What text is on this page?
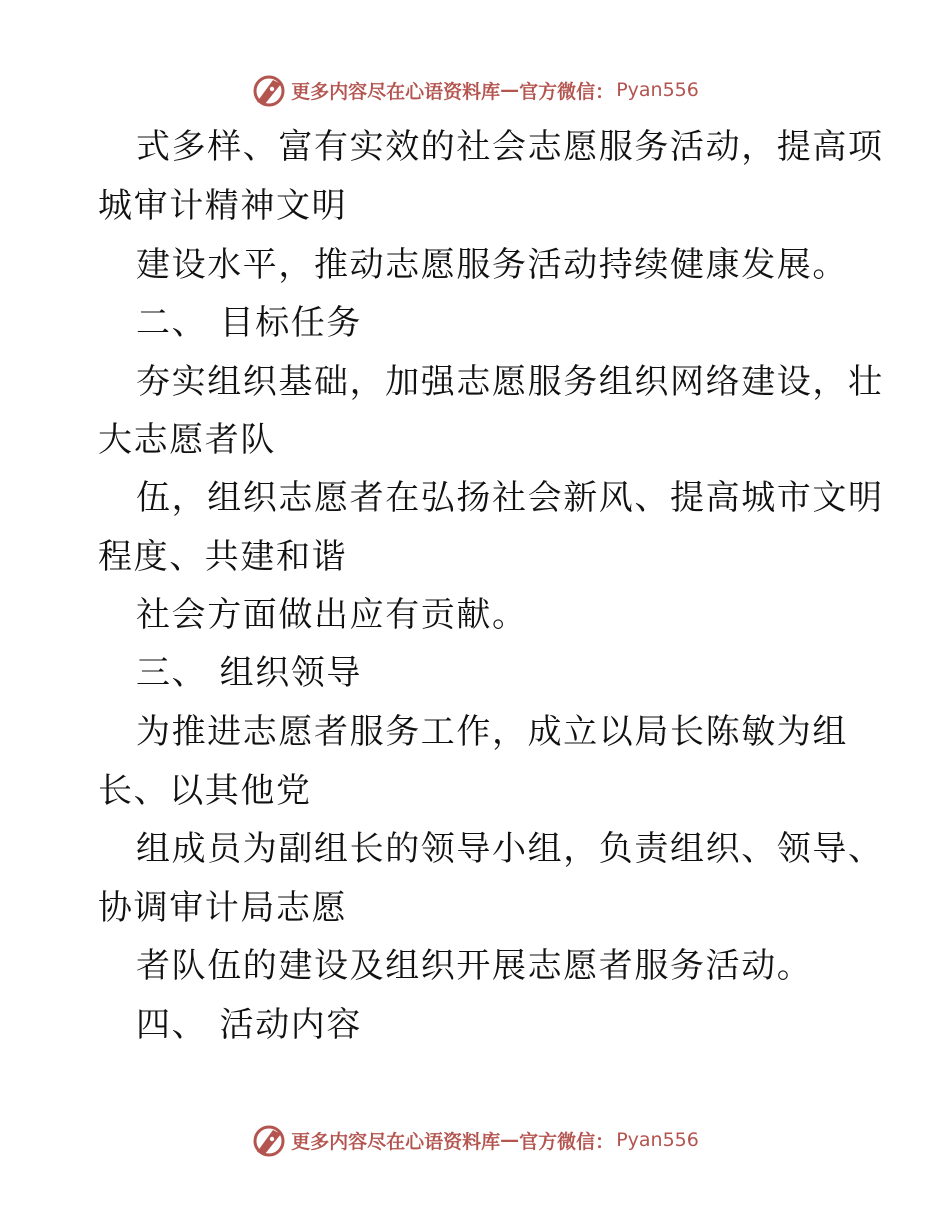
更多内容尽在心语资料库 — 官方微信： Pyan556
式多样、富有实效的社会志愿服务活动，提高项
城审计精神文明
建设水平，推动志愿服务活动持续健康发展。
二、 目标任务
夯实组织基础，加强志愿服务组织网络建设，壮
大志愿者队
伍，组织志愿者在弘扬社会新风、提高城市文明
程度、共建和谐
社会方面做出应有贡献。
三、 组织领导
为推进志愿者服务工作，成立以局长陈敏为组
长、以其他党
组成员为副组长的领导小组，负责组织、领导、
协调审计局志愿
者队伍的建设及组织开展志愿者服务活动。
四、 活动内容
更多内容尽在心语资料库 — 官方微信： Pyan556
